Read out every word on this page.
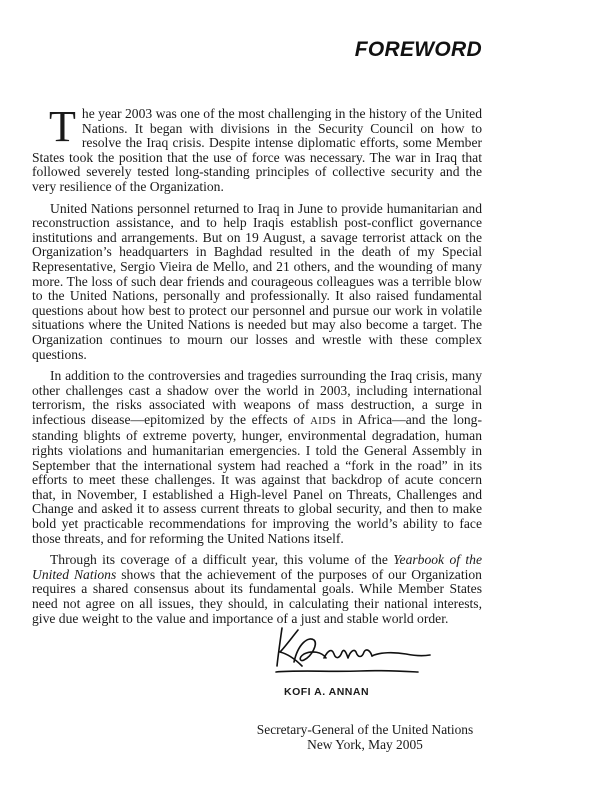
FOREWORD

The year 2003 was one of the most challenging in the history of the United Nations. It began with divisions in the Security Council on how to resolve the Iraq crisis. Despite intense diplomatic efforts, some Member States took the position that the use of force was necessary. The war in Iraq that followed severely tested long-standing principles of collective security and the very resilience of the Organization.

United Nations personnel returned to Iraq in June to provide humanitarian and reconstruction assistance, and to help Iraqis establish post-conflict governance institutions and arrangements. But on 19 August, a savage terrorist attack on the Organization’s headquarters in Baghdad resulted in the death of my Special Representative, Sergio Vieira de Mello, and 21 others, and the wounding of many more. The loss of such dear friends and courageous colleagues was a terrible blow to the United Nations, personally and professionally. It also raised fundamental questions about how best to protect our personnel and pursue our work in volatile situations where the United Nations is needed but may also become a target. The Organization continues to mourn our losses and wrestle with these complex questions.

In addition to the controversies and tragedies surrounding the Iraq crisis, many other challenges cast a shadow over the world in 2003, including international terrorism, the risks associated with weapons of mass destruction, a surge in infectious disease—epitomized by the effects of AIDS in Africa—and the long-standing blights of extreme poverty, hunger, environmental degradation, human rights violations and humanitarian emergencies. I told the General Assembly in September that the international system had reached a “fork in the road” in its efforts to meet these challenges. It was against that backdrop of acute concern that, in November, I established a High-level Panel on Threats, Challenges and Change and asked it to assess current threats to global security, and then to make bold yet practicable recommendations for improving the world’s ability to face those threats, and for reforming the United Nations itself.

Through its coverage of a difficult year, this volume of the Yearbook of the United Nations shows that the achievement of the purposes of our Organization requires a shared consensus about its fundamental goals. While Member States need not agree on all issues, they should, in calculating their national interests, give due weight to the value and importance of a just and stable world order.

KOFI A. ANNAN

Secretary-General of the United Nations
New York, May 2005
